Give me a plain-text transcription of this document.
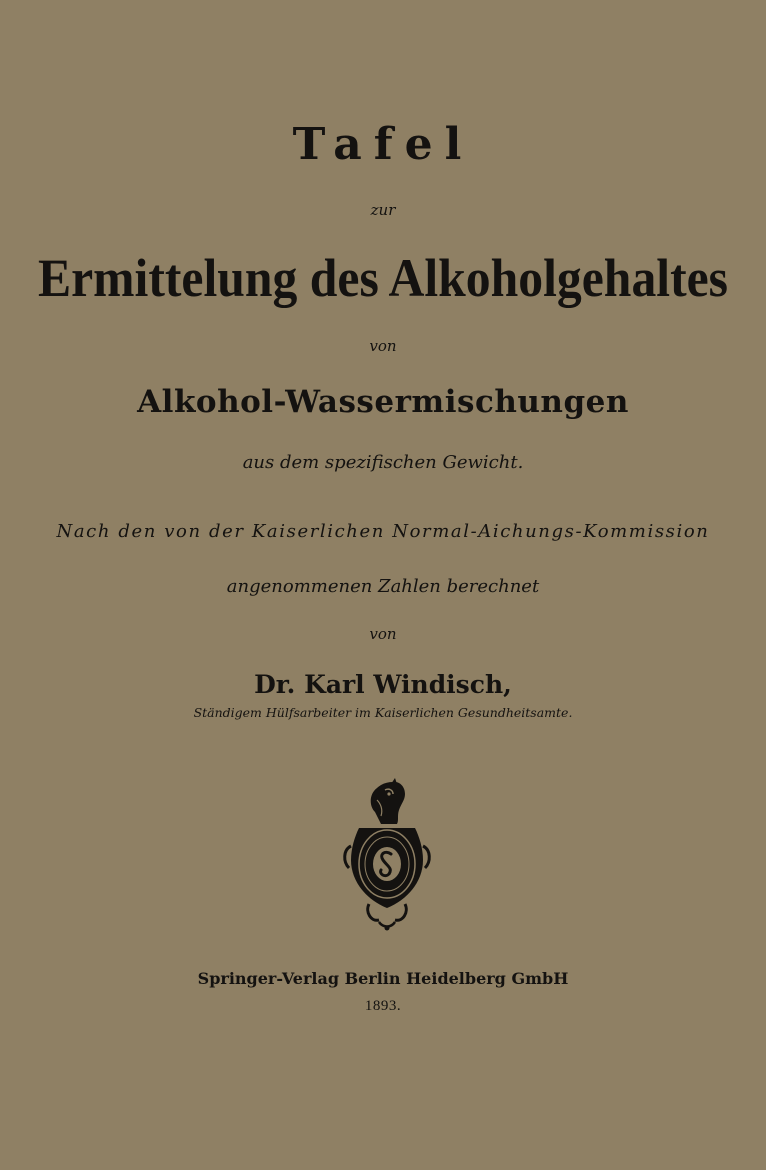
Tafel
zur
Ermittelung des Alkoholgehaltes
von
Alkohol-Wassermischungen
aus dem spezifischen Gewicht.
Nach den von der Kaiserlichen Normal-Aichungs-Kommission
angenommenen Zahlen berechnet
von
Dr. Karl Windisch,
Ständigem Hülfsarbeiter im Kaiserlichen Gesundheitsamte.
Springer-Verlag Berlin Heidelberg GmbH
1893.
